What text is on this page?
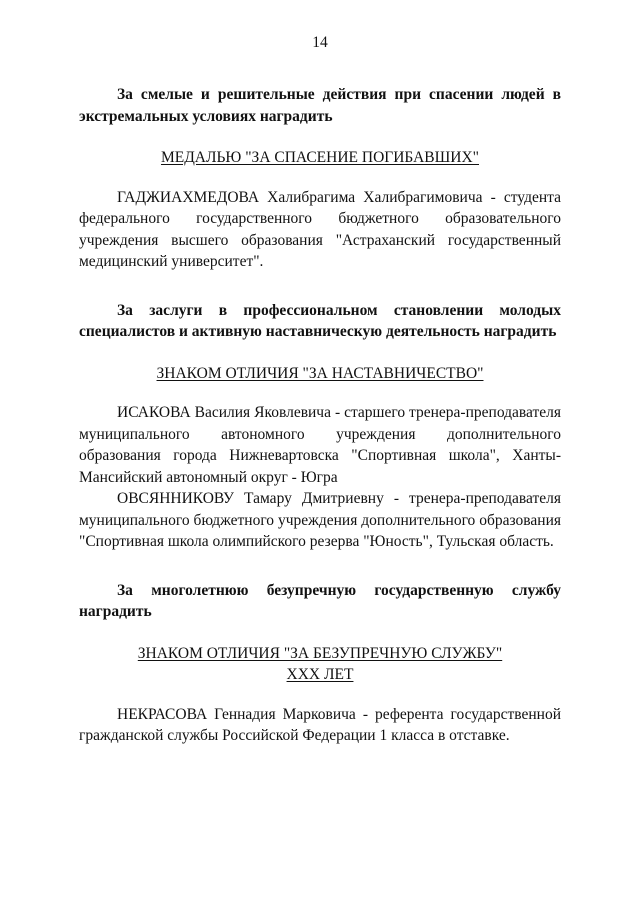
14

За смелые и решительные действия при спасении людей в экстремальных условиях наградить

МЕДАЛЬЮ "ЗА СПАСЕНИЕ ПОГИБАВШИХ"

ГАДЖИАХМЕДОВА Халибрагима Халибрагимовича - студента федерального государственного бюджетного образовательного учреждения высшего образования "Астраханский государственный медицинский университет".

За заслуги в профессиональном становлении молодых специалистов и активную наставническую деятельность наградить

ЗНАКОМ ОТЛИЧИЯ "ЗА НАСТАВНИЧЕСТВО"

ИСАКОВА Василия Яковлевича - старшего тренера-преподавателя муниципального автономного учреждения дополнительного образования города Нижневартовска "Спортивная школа", Ханты-Мансийский автономный округ - Югра

ОВСЯННИКОВУ Тамару Дмитриевну - тренера-преподавателя муниципального бюджетного учреждения дополнительного образования "Спортивная школа олимпийского резерва "Юность", Тульская область.

За многолетнюю безупречную государственную службу наградить

ЗНАКОМ ОТЛИЧИЯ "ЗА БЕЗУПРЕЧНУЮ СЛУЖБУ"
XXX ЛЕТ

НЕКРАСОВА Геннадия Марковича - референта государственной гражданской службы Российской Федерации 1 класса в отставке.
